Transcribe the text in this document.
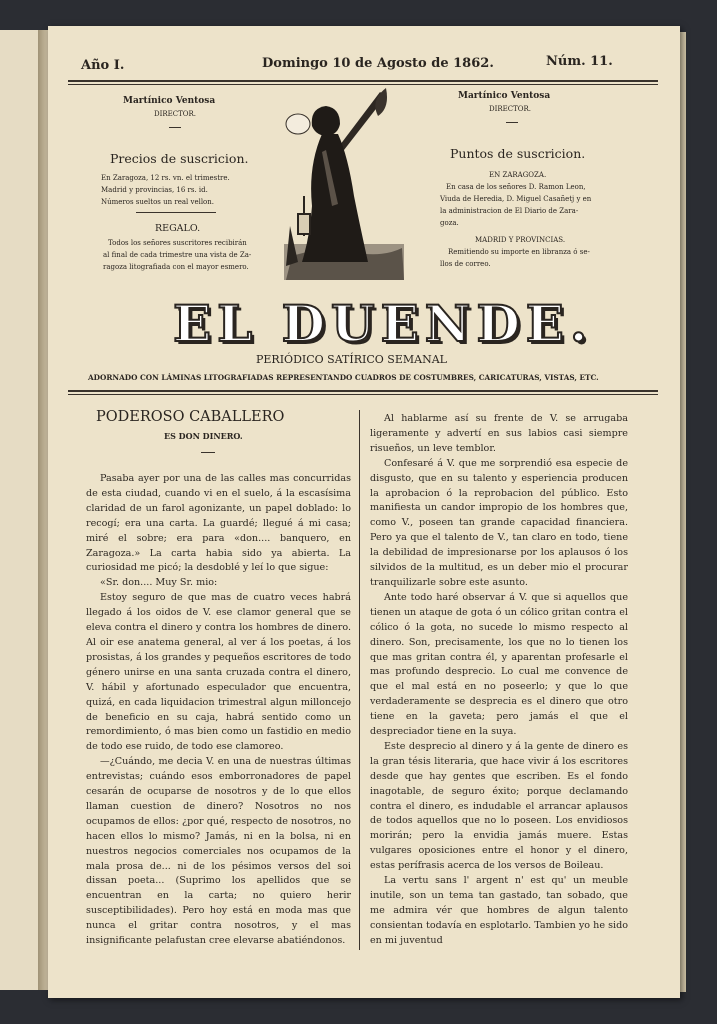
Año I.	Domingo 10 de Agosto de 1862.	Núm. 11.
Martínico Ventosa
DIRECTOR.
Precios de suscricion.
En Zaragoza, 12 rs. vn. el trimestre.
Madrid y provincias, 16 rs. id.
Números sueltos un real vellon.
REGALO.
Todos los señores suscritores recibirán
al final de cada trimestre una vista de Za-
ragoza litografiada con el mayor esmero.
Martínico Ventosa
DIRECTOR.
Puntos de suscricion.
EN ZARAGOZA.
En casa de los señores D. Ramon Leon,
Viuda de Heredia, D. Miguel Casañetj y en
la administracion de El Diario de Zara-
goza.
MADRID Y PROVINCIAS.
Remitiendo su importe en libranza ó se-
llos de correo.
EL DUENDE.
PERIÓDICO SATÍRICO SEMANAL
ADORNADO CON LÁMINAS LITOGRAFIADAS REPRESENTANDO CUADROS DE COSTUMBRES, CARICATURAS, VISTAS, ETC.
PODEROSO CABALLERO
ES DON DINERO.

Pasaba ayer por una de las calles mas concurridas de esta ciudad, cuando vi en el suelo, á la escasísima claridad de un farol agonizante, un papel doblado: lo recogí; era una carta. La guardé; llegué á mi casa; miré el sobre; era para «don.... banquero, en Zaragoza.» La carta habia sido ya abierta. La curiosidad me picó; la desdoblé y leí lo que sigue:

«Sr. don.... Muy Sr. mio:

Estoy seguro de que mas de cuatro veces habrá llegado á los oidos de V. ese clamor general que se eleva contra el dinero y contra los hombres de dinero. Al oir ese anatema general, al ver á los poetas, á los prosistas, á los grandes y pequeños escritores de todo género unirse en una santa cruzada contra el dinero, V. hábil y afortunado especulador que encuentra, quizá, en cada liquidacion trimestral algun milloncejo de beneficio en su caja, habrá sentido como un remordimiento, ó mas bien como un fastidio en medio de todo ese ruido, de todo ese clamoreo.

—¿Cuándo, me decia V. en una de nuestras últimas entrevistas; cuándo esos emborronadores de papel cesarán de ocuparse de nosotros y de lo que ellos llaman cuestion de dinero? Nosotros no nos ocupamos de ellos: ¿por qué, respecto de nosotros, no hacen ellos lo mismo? Jamás, ni en la bolsa, ni en nuestros negocios comerciales nos ocupamos de la mala prosa de... ni de los pésimos versos del soi dissan poeta... (Suprimo los apellidos que se encuentran en la carta; no quiero herir susceptibilidades). Pero hoy está en moda mas que nunca el gritar contra nosotros, y el mas insignificante pelafustan cree elevarse abatiéndonos.

Al hablarme así su frente de V. se arrugaba ligeramente y advertí en sus labios casi siempre risueños, un leve temblor.

Confesaré á V. que me sorprendió esa especie de disgusto, que en su talento y esperiencia producen la aprobacion ó la reprobacion del público. Esto manifiesta un candor impropio de los hombres que, como V., poseen tan grande capacidad financiera. Pero ya que el talento de V., tan claro en todo, tiene la debilidad de impresionarse por los aplausos ó los silvidos de la multitud, es un deber mio el procurar tranquilizarle sobre este asunto.

Ante todo haré observar á V. que si aquellos que tienen un ataque de gota ó un cólico gritan contra el cólico ó la gota, no sucede lo mismo respecto al dinero. Son, precisamente, los que no lo tienen los que mas gritan contra él, y aparentan profesarle el mas profundo desprecio. Lo cual me convence de que el mal está en no poseerlo; y que lo que verdaderamente se desprecia es el dinero que otro tiene en la gaveta; pero jamás el que el despreciador tiene en la suya.

Este desprecio al dinero y á la gente de dinero es la gran tésis literaria, que hace vivir á los escritores desde que hay gentes que escriben. Es el fondo inagotable, de seguro éxito; porque declamando contra el dinero, es indudable el arrancar aplausos de todos aquellos que no lo poseen. Los envidiosos morirán; pero la envidia jamás muere. Estas vulgares oposiciones entre el honor y el dinero, estas perífrasis acerca de los versos de Boileau.

La vertu sans l' argent n' est qu' un meuble inutile, son un tema tan gastado, tan sobado, que me admira vér que hombres de algun talento consientan todavía en esplotarlo. Tambien yo he sido en mi juventud
